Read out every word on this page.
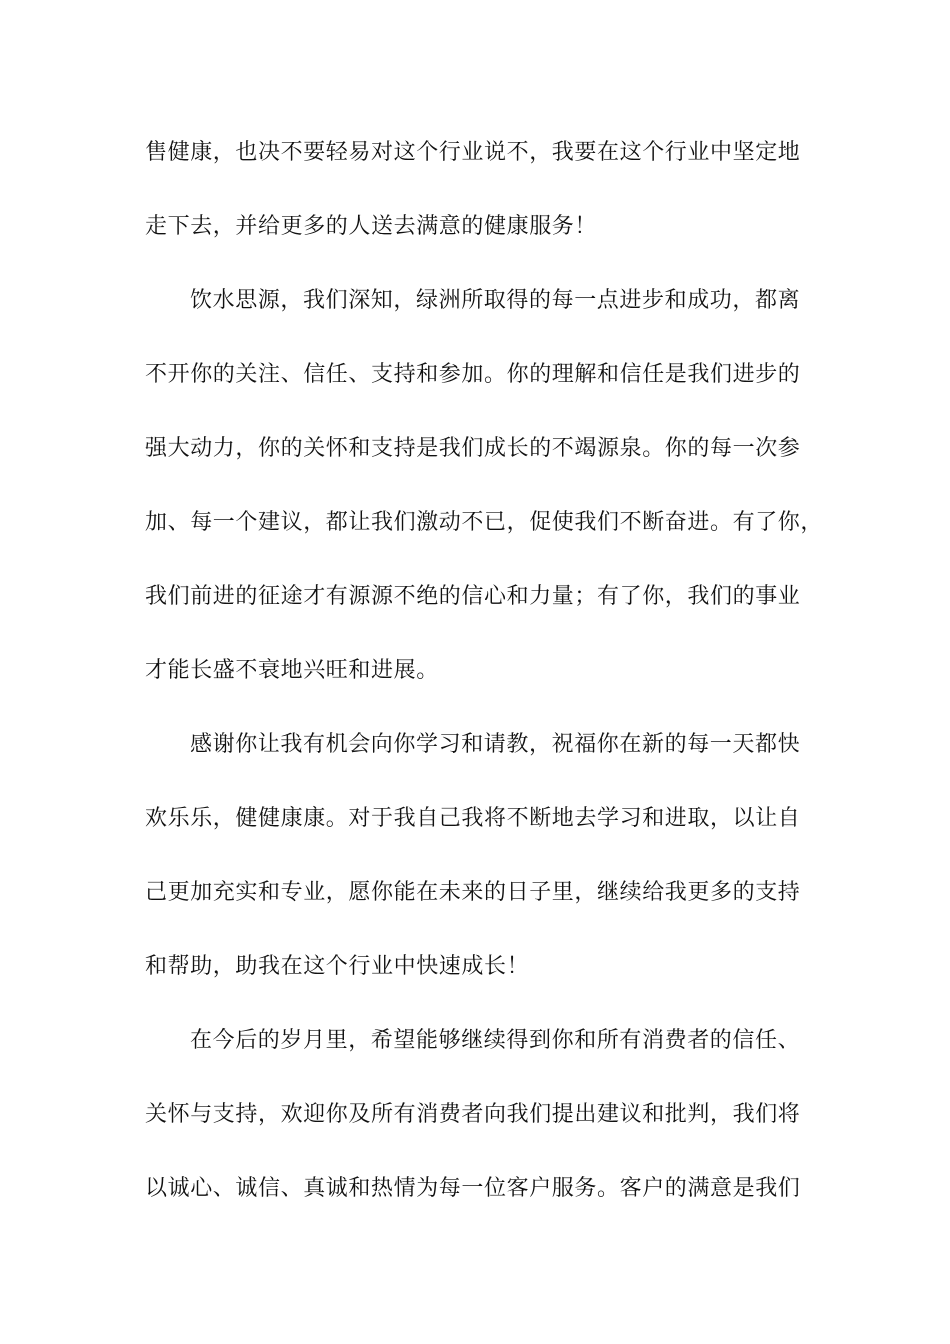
售健康，也决不要轻易对这个行业说不，我要在这个行业中坚定地
走下去，并给更多的人送去满意的健康服务！
饮水思源，我们深知，绿洲所取得的每一点进步和成功，都离
不开你的关注、信任、支持和参加。你的理解和信任是我们进步的
强大动力，你的关怀和支持是我们成长的不竭源泉。你的每一次参
加、每一个建议，都让我们激动不已，促使我们不断奋进。有了你，
我们前进的征途才有源源不绝的信心和力量；有了你，我们的事业
才能长盛不衰地兴旺和进展。
感谢你让我有机会向你学习和请教，祝福你在新的每一天都快
欢乐乐，健健康康。对于我自己我将不断地去学习和进取，以让自
己更加充实和专业，愿你能在未来的日子里，继续给我更多的支持
和帮助，助我在这个行业中快速成长！
在今后的岁月里，希望能够继续得到你和所有消费者的信任、
关怀与支持，欢迎你及所有消费者向我们提出建议和批判，我们将
以诚心、诚信、真诚和热情为每一位客户服务。客户的满意是我们
